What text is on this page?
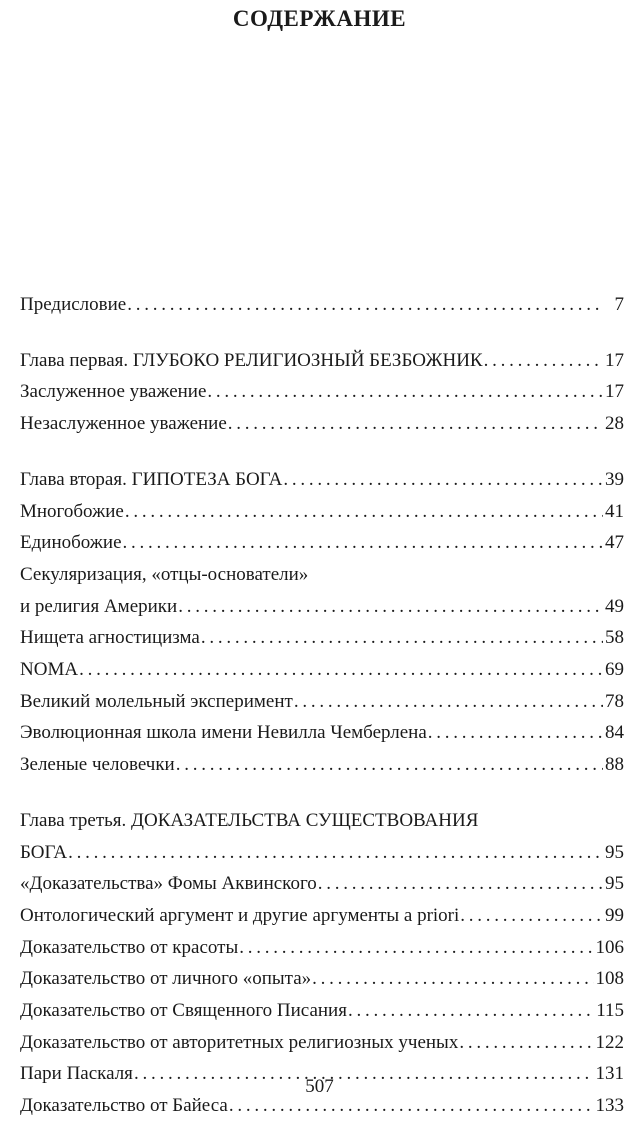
СОДЕРЖАНИЕ
Предисловие . . .	7
Глава первая. ГЛУБОКО РЕЛИГИОЗНЫЙ БЕЗБОЖНИК . . .	17
Заслуженное уважение . . .	17
Незаслуженное уважение . . .	28
Глава вторая. ГИПОТЕЗА БОГА . . .	39
Многобожие . . .	41
Единобожие . . .	47
Секуляризация, «отцы-основатели»
и религия Америки . . .	49
Нищета агностицизма . . .	58
NOMA . . .	69
Великий молельный эксперимент . . .	78
Эволюционная школа имени Невилла Чемберлена . . .	84
Зеленые человечки . . .	88
Глава третья. ДОКАЗАТЕЛЬСТВА СУЩЕСТВОВАНИЯ
БОГА . . .	95
«Доказательства» Фомы Аквинского . . .	95
Онтологический аргумент и другие аргументы a priori . . .	99
Доказательство от красоты . . .	106
Доказательство от личного «опыта» . . .	108
Доказательство от Священного Писания . . .	115
Доказательство от авторитетных религиозных ученых . . .	122
Пари Паскаля . . .	131
Доказательство от Байеса . . .	133
507
